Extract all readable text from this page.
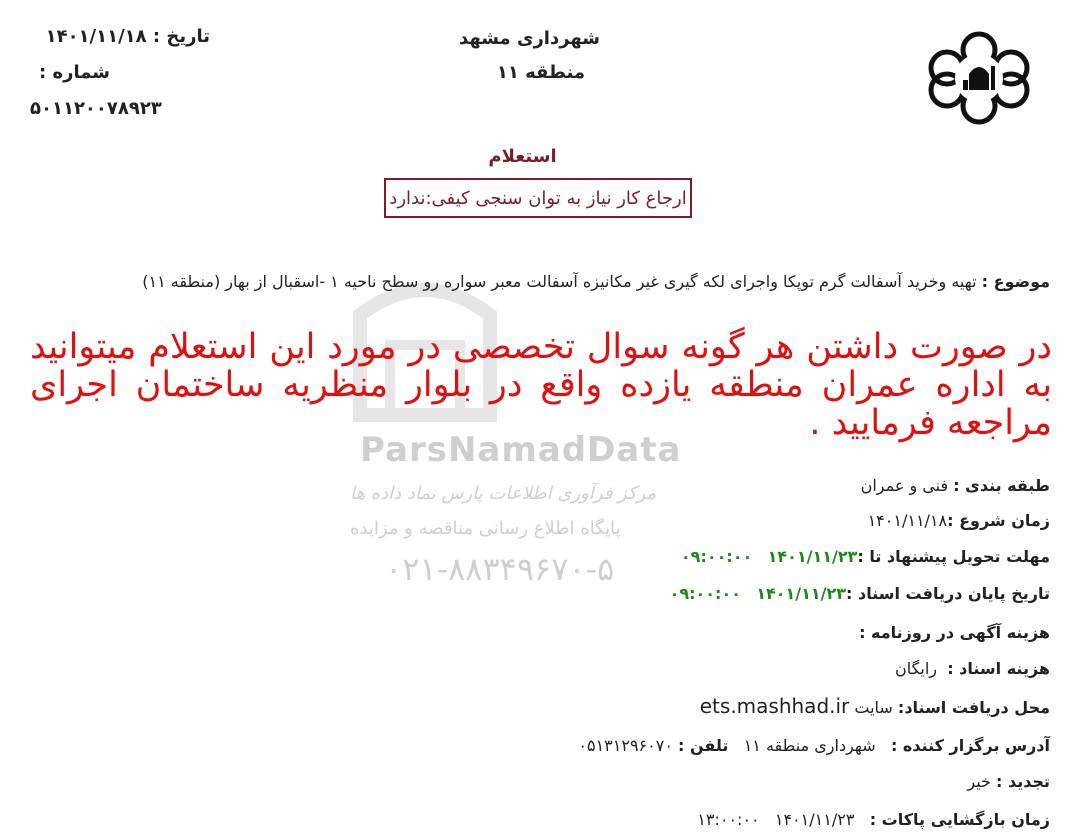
شهرداری مشهد
منطقه ۱۱
تاریخ : ۱۴۰۱/۱۱/۱۸
شماره :
۵۰۱۱۲۰۰۷۸۹۲۳
استعلام
ارجاع کار نیاز به توان سنجی کیفی:ندارد
ParsNamadData
مرکز فرآوری اطلاعات پارس نماد داده ها
پایگاه اطلاع رسانی مناقصه و مزایده
۰۲۱-۸۸۳۴۹۶۷۰-۵
موضوع : تهیه وخرید آسفالت گرم توپکا واجرای لکه گیری غیر مکانیزه آسفالت معبر سواره رو سطح ناحیه ۱ -اسقبال از بهار (منطقه ۱۱)
در صورت داشتن هر گونه سوال تخصصی در مورد این استعلام میتوانید به اداره عمران منطقه یازده واقع در بلوار منظریه ساختمان اجرای مراجعه فرمایید .
طبقه بندی : فنی و عمران
زمان شروع :۱۴۰۱/۱۱/۱۸
مهلت تحویل پیشنهاد تا :۱۴۰۱/۱۱/۲۳   ۰۹:۰۰:۰۰
تاریخ پایان دریافت اسناد :۱۴۰۱/۱۱/۲۳   ۰۹:۰۰:۰۰
هزینه آگهی در روزنامه :
هزینه اسناد :  رایگان
محل دریافت اسناد: سایت ets.mashhad.ir
آدرس برگزار کننده :   شهرداری منطقه ۱۱   تلفن : ۰۵۱۳۱۲۹۶۰۷۰
تجدید : خیر
زمان بازگشایی پاکات :   ۱۴۰۱/۱۱/۲۳   ۱۳:۰۰:۰۰
